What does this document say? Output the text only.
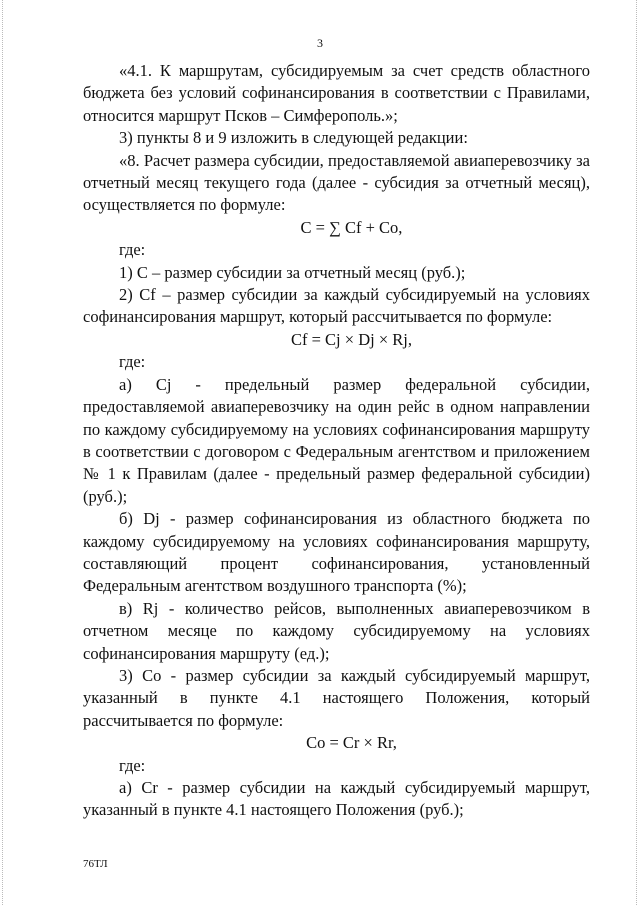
3

«4.1. К маршрутам, субсидируемым за счет средств областного бюджета без условий софинансирования в соответствии с Правилами, относится маршрут Псков – Симферополь.»;

3) пункты 8 и 9 изложить в следующей редакции:

«8. Расчет размера субсидии, предоставляемой авиаперевозчику за отчетный месяц текущего года (далее - субсидия за отчетный месяц), осуществляется по формуле:

C = ∑ Cf + Co,

где:

1) C – размер субсидии за отчетный месяц (руб.);

2) Cf – размер субсидии за каждый субсидируемый на условиях софинансирования маршрут, который рассчитывается по формуле:

Cf = Cj × Dj × Rj,

где:

а) Cj - предельный размер федеральной субсидии, предоставляемой авиаперевозчику на один рейс в одном направлении по каждому субсидируемому на условиях софинансирования маршруту в соответствии с договором с Федеральным агентством и приложением № 1 к Правилам (далее - предельный размер федеральной субсидии) (руб.);

б) Dj - размер софинансирования из областного бюджета по каждому субсидируемому на условиях софинансирования маршруту, составляющий процент софинансирования, установленный Федеральным агентством воздушного транспорта (%);

в) Rj - количество рейсов, выполненных авиаперевозчиком в отчетном месяце по каждому субсидируемому на условиях софинансирования маршруту (ед.);

3) Co - размер субсидии за каждый субсидируемый маршрут, указанный в пункте 4.1 настоящего Положения, который рассчитывается по формуле:

Co = Cr × Rr,

где:

а) Cr - размер субсидии на каждый субсидируемый маршрут, указанный в пункте 4.1 настоящего Положения (руб.);

76ТЛ
